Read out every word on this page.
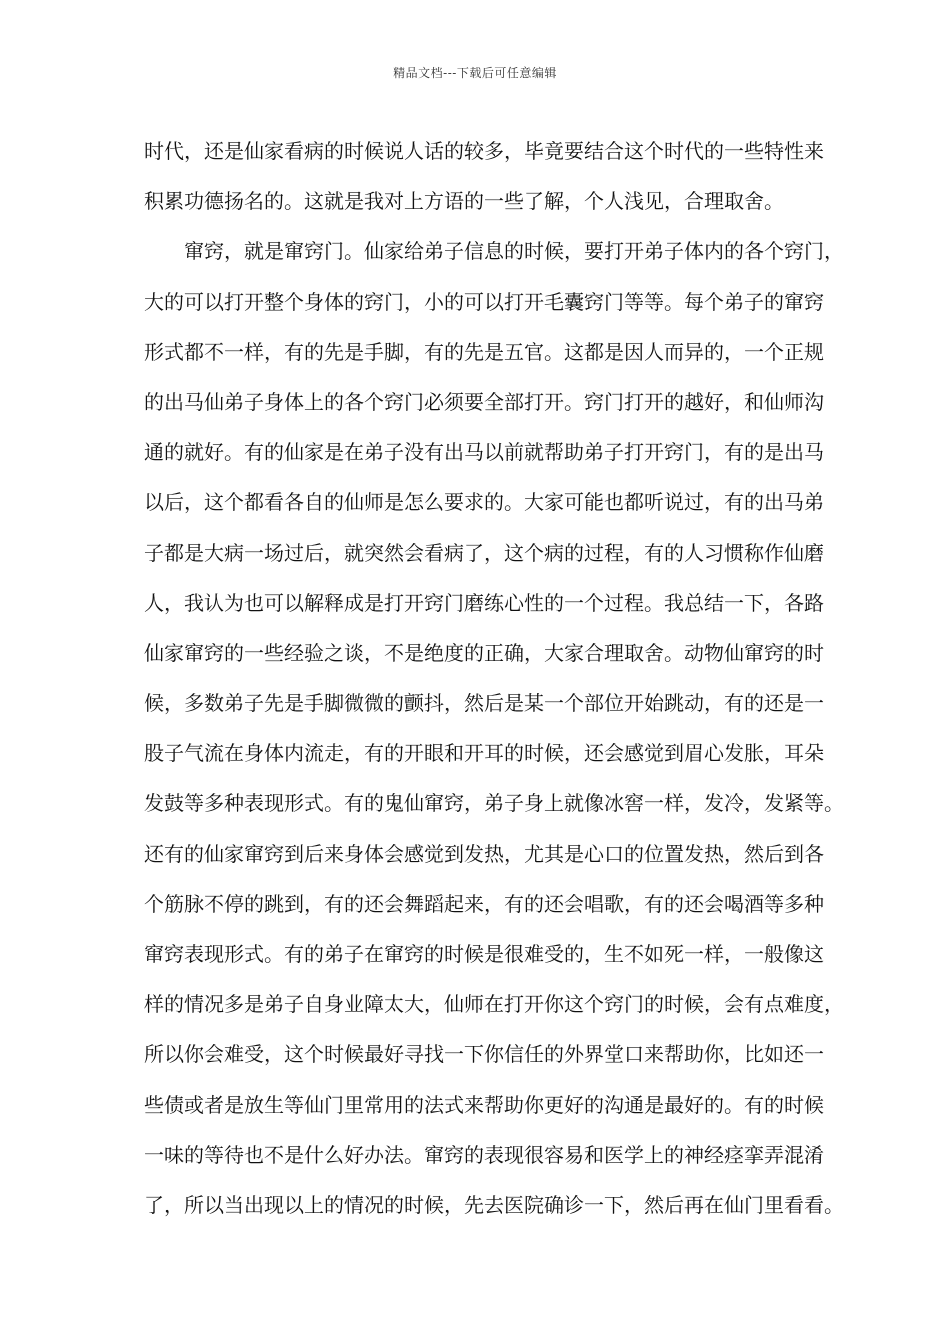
精品文档---下载后可任意编辑
时代，还是仙家看病的时候说人话的较多，毕竟要结合这个时代的一些特性来
积累功德扬名的。这就是我对上方语的一些了解，个人浅见，合理取舍。
　　窜窍，就是窜窍门。仙家给弟子信息的时候，要打开弟子体内的各个窍门，
大的可以打开整个身体的窍门，小的可以打开毛囊窍门等等。每个弟子的窜窍
形式都不一样，有的先是手脚，有的先是五官。这都是因人而异的，一个正规
的出马仙弟子身体上的各个窍门必须要全部打开。窍门打开的越好，和仙师沟
通的就好。有的仙家是在弟子没有出马以前就帮助弟子打开窍门，有的是出马
以后，这个都看各自的仙师是怎么要求的。大家可能也都听说过，有的出马弟
子都是大病一场过后，就突然会看病了，这个病的过程，有的人习惯称作仙磨
人，我认为也可以解释成是打开窍门磨练心性的一个过程。我总结一下，各路
仙家窜窍的一些经验之谈，不是绝度的正确，大家合理取舍。动物仙窜窍的时
候，多数弟子先是手脚微微的颤抖，然后是某一个部位开始跳动，有的还是一
股子气流在身体内流走，有的开眼和开耳的时候，还会感觉到眉心发胀，耳朵
发鼓等多种表现形式。有的鬼仙窜窍，弟子身上就像冰窖一样，发冷，发紧等。
还有的仙家窜窍到后来身体会感觉到发热，尤其是心口的位置发热，然后到各
个筋脉不停的跳到，有的还会舞蹈起来，有的还会唱歌，有的还会喝酒等多种
窜窍表现形式。有的弟子在窜窍的时候是很难受的，生不如死一样，一般像这
样的情况多是弟子自身业障太大，仙师在打开你这个窍门的时候，会有点难度，
所以你会难受，这个时候最好寻找一下你信任的外界堂口来帮助你，比如还一
些债或者是放生等仙门里常用的法式来帮助你更好的沟通是最好的。有的时候
一味的等待也不是什么好办法。窜窍的表现很容易和医学上的神经痉挛弄混淆
了，所以当出现以上的情况的时候，先去医院确诊一下，然后再在仙门里看看。
